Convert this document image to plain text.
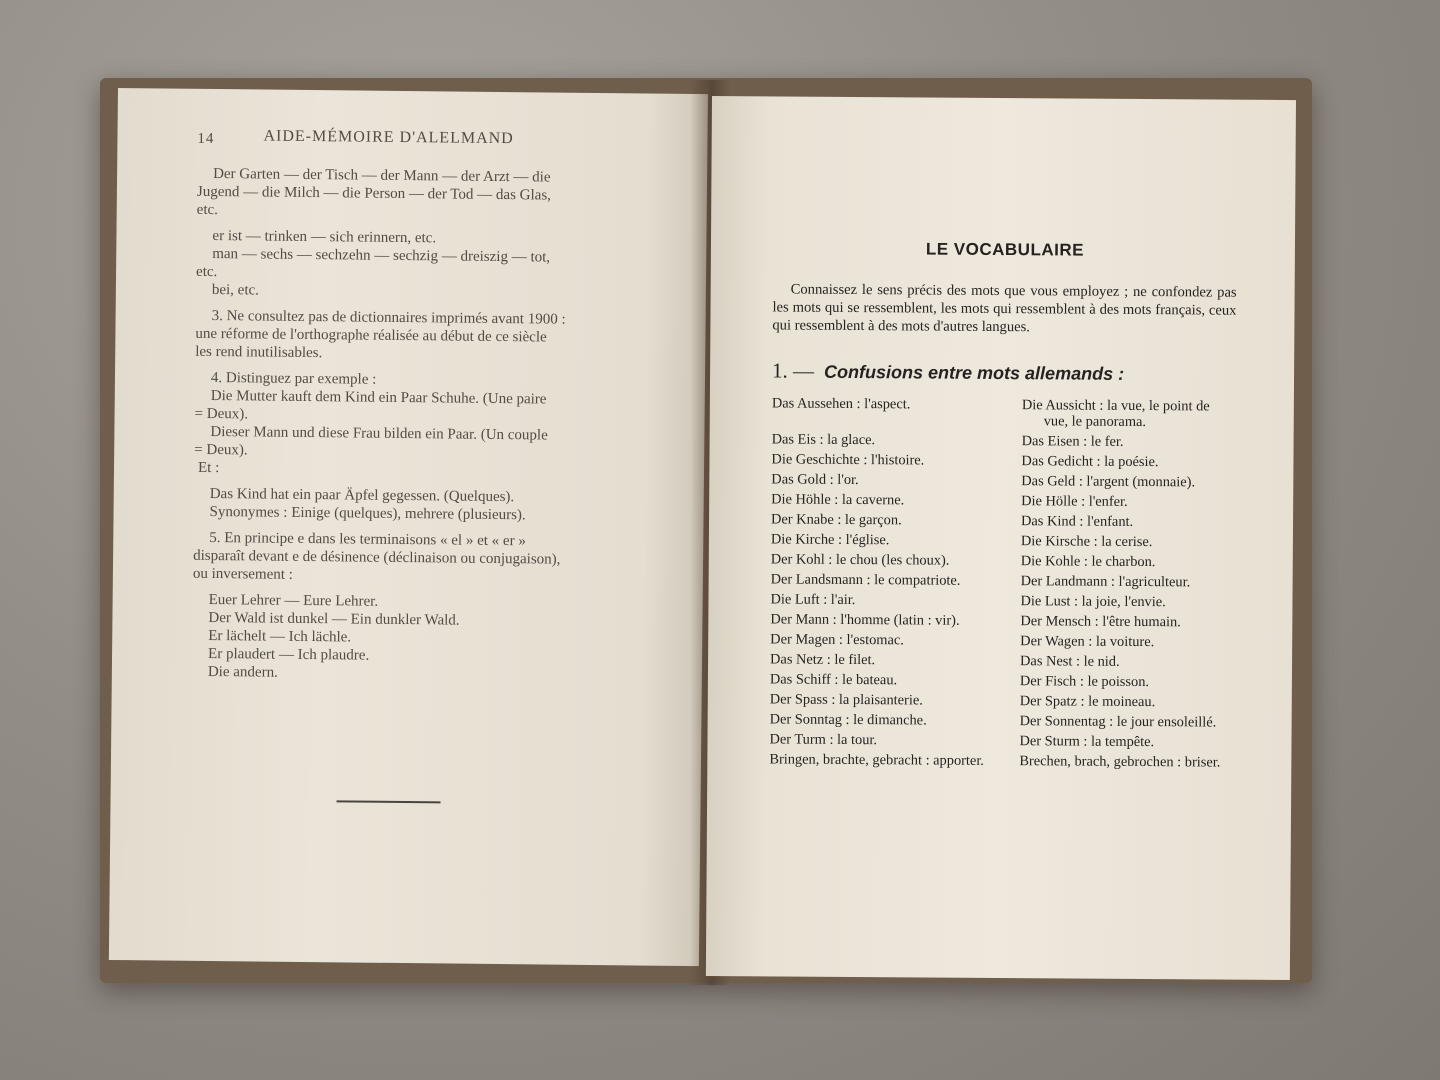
14	AIDE-MÉMOIRE D'ALELMAND

Der Garten — der Tisch — der Mann — der Arzt — die

Jugend — die Milch — die Person — der Tod — das Glas,

etc.

er ist — trinken — sich erinnern, etc.

man — sechs — sechzehn — sechzig — dreiszig — tot,

etc.

bei, etc.

3. Ne consultez pas de dictionnaires imprimés avant 1900 :

une réforme de l'orthographe réalisée au début de ce siècle

les rend inutilisables.

4. Distinguez par exemple :

Die Mutter kauft dem Kind ein Paar Schuhe. (Une paire

= Deux).

Dieser Mann und diese Frau bilden ein Paar. (Un couple

= Deux).

Et :

Das Kind hat ein paar Äpfel gegessen. (Quelques).

Synonymes : Einige (quelques), mehrere (plusieurs).

5. En principe e dans les terminaisons « el » et « er »

disparaît devant e de désinence (déclinaison ou conjugaison),

ou inversement :

Euer Lehrer — Eure Lehrer.

Der Wald ist dunkel — Ein dunkler Wald.

Er lächelt — Ich lächle.

Er plaudert — Ich plaudre.

Die andern.

LE VOCABULAIRE

Connaissez le sens précis des mots que vous employez ; ne confondez pas les mots qui se ressemblent, les mots qui ressemblent à des mots français, ceux qui ressemblent à des mots d'autres langues.

1. — Confusions entre mots allemands :
Das Aussehen : l'aspect.	Die Aussicht : la vue, le point de vue, le panorama.
Das Eis : la glace.	Das Eisen : le fer.
Die Geschichte : l'histoire.	Das Gedicht : la poésie.
Das Gold : l'or.	Das Geld : l'argent (monnaie).
Die Höhle : la caverne.	Die Hölle : l'enfer.
Der Knabe : le garçon.	Das Kind : l'enfant.
Die Kirche : l'église.	Die Kirsche : la cerise.
Der Kohl : le chou (les choux).	Die Kohle : le charbon.
Der Landsmann : le compatriote.	Der Landmann : l'agriculteur.
Die Luft : l'air.	Die Lust : la joie, l'envie.
Der Mann : l'homme (latin : vir).	Der Mensch : l'être humain.
Der Magen : l'estomac.	Der Wagen : la voiture.
Das Netz : le filet.	Das Nest : le nid.
Das Schiff : le bateau.	Der Fisch : le poisson.
Der Spass : la plaisanterie.	Der Spatz : le moineau.
Der Sonntag : le dimanche.	Der Sonnentag : le jour ensoleillé.
Der Turm : la tour.	Der Sturm : la tempête.
Bringen, brachte, gebracht : apporter.	Brechen, brach, gebrochen : briser.
